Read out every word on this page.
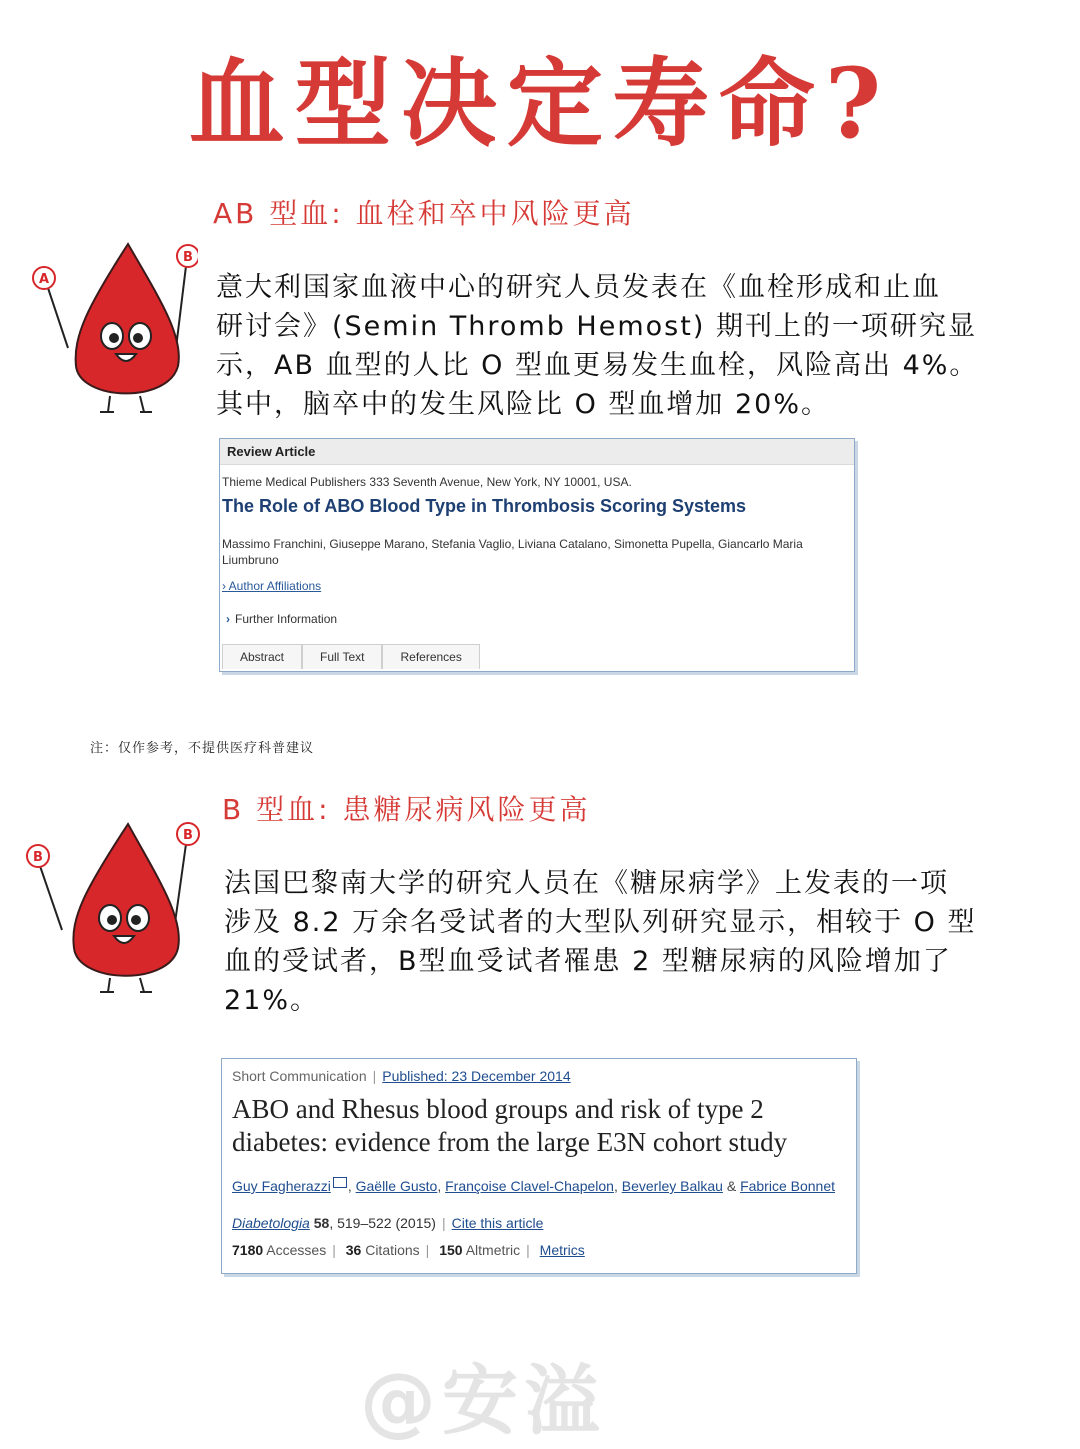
血型决定寿命?
AB 型血: 血栓和卒中风险更高
A
B
意大利国家血液中心的研究人员发表在《血栓形成和止血
研讨会》(Semin Thromb Hemost) 期刊上的一项研究显
示，AB 血型的人比 O 型血更易发生血栓，风险高出 4%。
其中，脑卒中的发生风险比 O 型血增加 20%。
Review Article
Thieme Medical Publishers 333 Seventh Avenue, New York, NY 10001, USA.
The Role of ABO Blood Type in Thrombosis Scoring Systems
Massimo Franchini, Giuseppe Marano, Stefania Vaglio, Liviana Catalano, Simonetta Pupella, Giancarlo Maria Liumbruno
› Author Affiliations
› Further Information
Abstract	Full Text	References
注：仅作参考，不提供医疗科普建议
B 型血: 患糖尿病风险更高
B
B
法国巴黎南大学的研究人员在《糖尿病学》上发表的一项
涉及 8.2 万余名受试者的大型队列研究显示，相较于 O 型
血的受试者，B型血受试者罹患 2 型糖尿病的风险增加了
21%。
Short Communication | Published: 23 December 2014
ABO and Rhesus blood groups and risk of type 2 diabetes: evidence from the large E3N cohort study
Guy Fagherazzi , Gaëlle Gusto, Françoise Clavel-Chapelon, Beverley Balkau & Fabrice Bonnet
Diabetologia 58, 519–522 (2015) | Cite this article
7180 Accesses | 36 Citations | 150 Altmetric | Metrics
@安溢
